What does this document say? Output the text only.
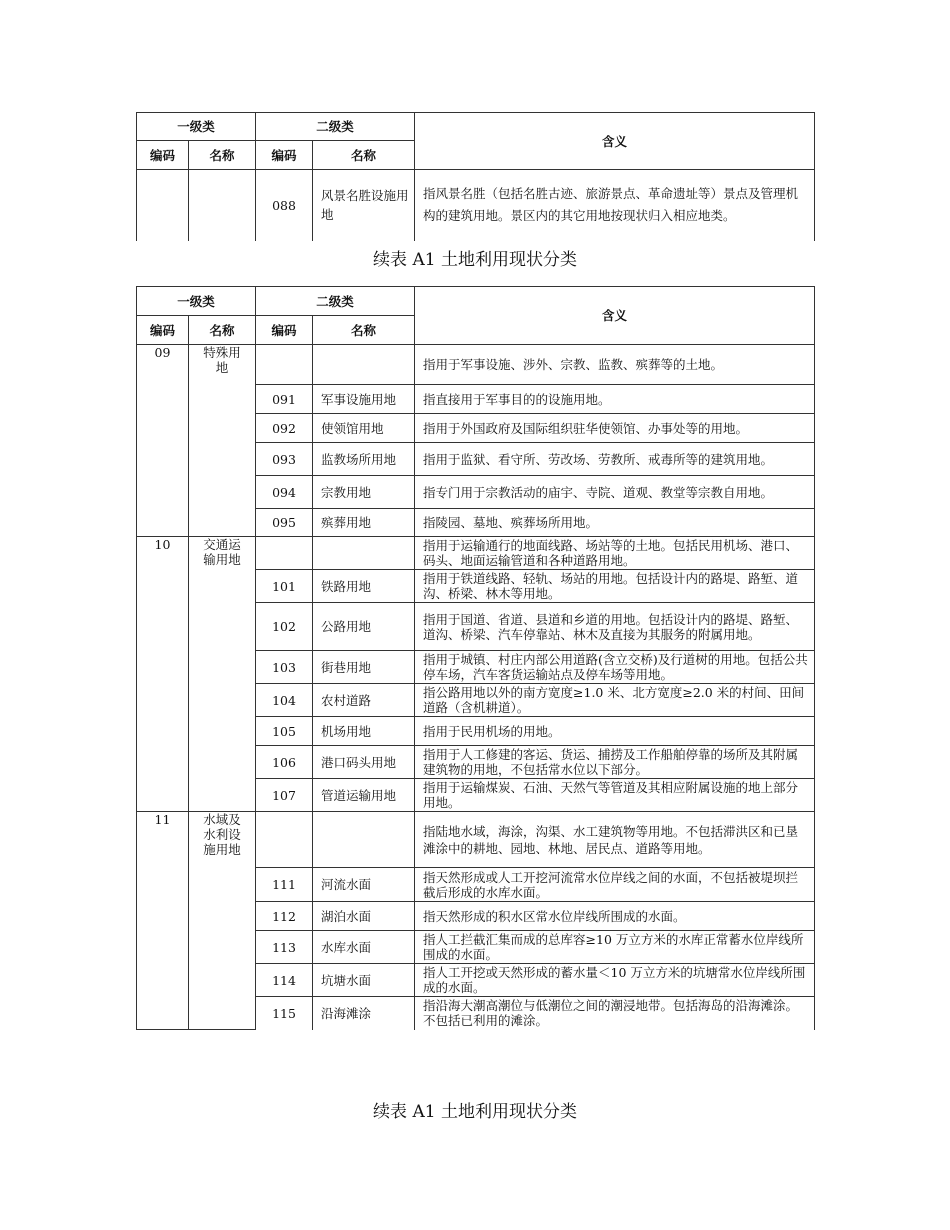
一级类		二级类		含义
编码	名称	编码	名称	
		088	风景名胜设施用地	指风景名胜（包括名胜古迹、旅游景点、革命遗址等）景点及管理机构的建筑用地。景区内的其它用地按现状归入相应地类。
续表 A1 土地利用现状分类
一级类		二级类		含义
编码	名称	编码	名称	
09	特殊用地			指用于军事设施、涉外、宗教、监教、殡葬等的土地。
		091	军事设施用地	指直接用于军事目的的设施用地。
		092	使领馆用地	指用于外国政府及国际组织驻华使领馆、办事处等的用地。
		093	监教场所用地	指用于监狱、看守所、劳改场、劳教所、戒毒所等的建筑用地。
		094	宗教用地	指专门用于宗教活动的庙宇、寺院、道观、教堂等宗教自用地。
		095	殡葬用地	指陵园、墓地、殡葬场所用地。
10	交通运输用地			指用于运输通行的地面线路、场站等的土地。包括民用机场、港口、码头、地面运输管道和各种道路用地。
		101	铁路用地	指用于铁道线路、轻轨、场站的用地。包括设计内的路堤、路堑、道沟、桥梁、林木等用地。
		102	公路用地	指用于国道、省道、县道和乡道的用地。包括设计内的路堤、路堑、道沟、桥梁、汽车停靠站、林木及直接为其服务的附属用地。
		103	街巷用地	指用于城镇、村庄内部公用道路(含立交桥)及行道树的用地。包括公共停车场，汽车客货运输站点及停车场等用地。
		104	农村道路	指公路用地以外的南方宽度≥1.0 米、北方宽度≥2.0 米的村间、田间道路（含机耕道）。
		105	机场用地	指用于民用机场的用地。
		106	港口码头用地	指用于人工修建的客运、货运、捕捞及工作船舶停靠的场所及其附属建筑物的用地，不包括常水位以下部分。
		107	管道运输用地	指用于运输煤炭、石油、天然气等管道及其相应附属设施的地上部分用地。
11	水域及水利设施用地			指陆地水域，海涂，沟渠、水工建筑物等用地。不包括滞洪区和已垦滩涂中的耕地、园地、林地、居民点、道路等用地。
		111	河流水面	指天然形成或人工开挖河流常水位岸线之间的水面，不包括被堤坝拦截后形成的水库水面。
		112	湖泊水面	指天然形成的积水区常水位岸线所围成的水面。
		113	水库水面	指人工拦截汇集而成的总库容≥10 万立方米的水库正常蓄水位岸线所围成的水面。
		114	坑塘水面	指人工开挖或天然形成的蓄水量＜10 万立方米的坑塘常水位岸线所围成的水面。
		115	沿海滩涂	指沿海大潮高潮位与低潮位之间的潮浸地带。包括海岛的沿海滩涂。不包括已利用的滩涂。
续表 A1 土地利用现状分类
